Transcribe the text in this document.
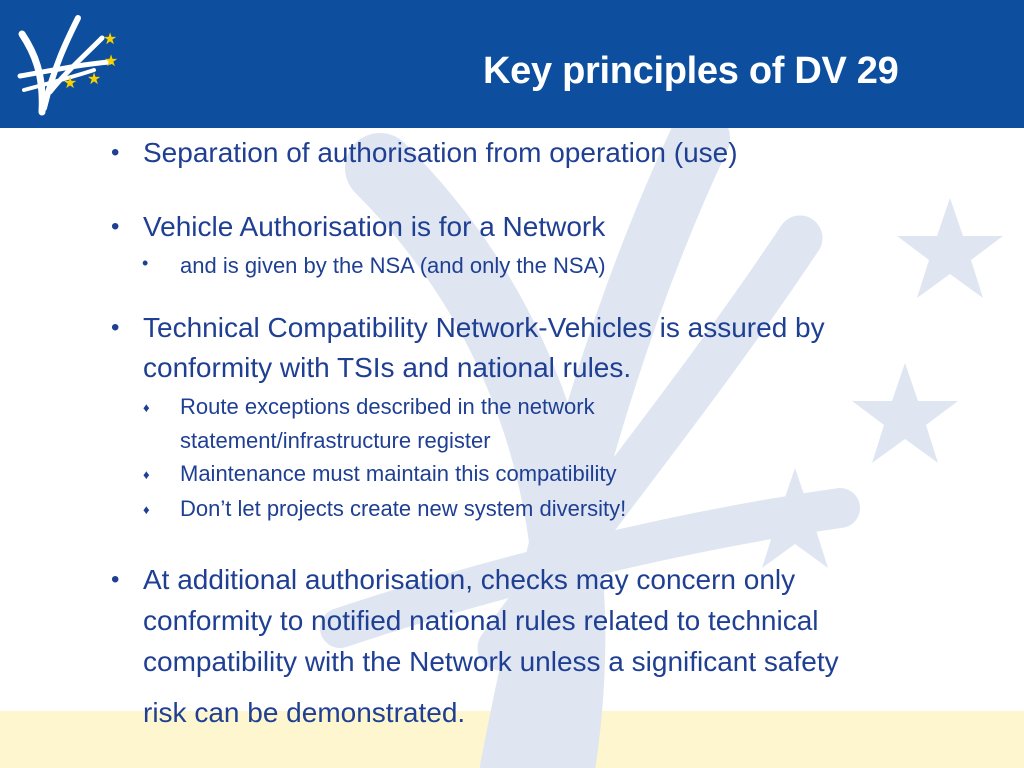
★
★
★ ★	Key principles of DV 29
• Separation of authorisation from operation (use)
• Vehicle Authorisation is for a Network
• and is given by the NSA (and only the NSA)
• Technical Compatibility Network-Vehicles is assured by
conformity with TSIs and national rules.
♦ Route exceptions described in the network
statement/infrastructure register
♦ Maintenance must maintain this compatibility
♦ Don’t let projects create new system diversity!
• At additional authorisation, checks may concern only
conformity to notified national rules related to technical
compatibility with the Network unless a significant safety
risk can be demonstrated.
